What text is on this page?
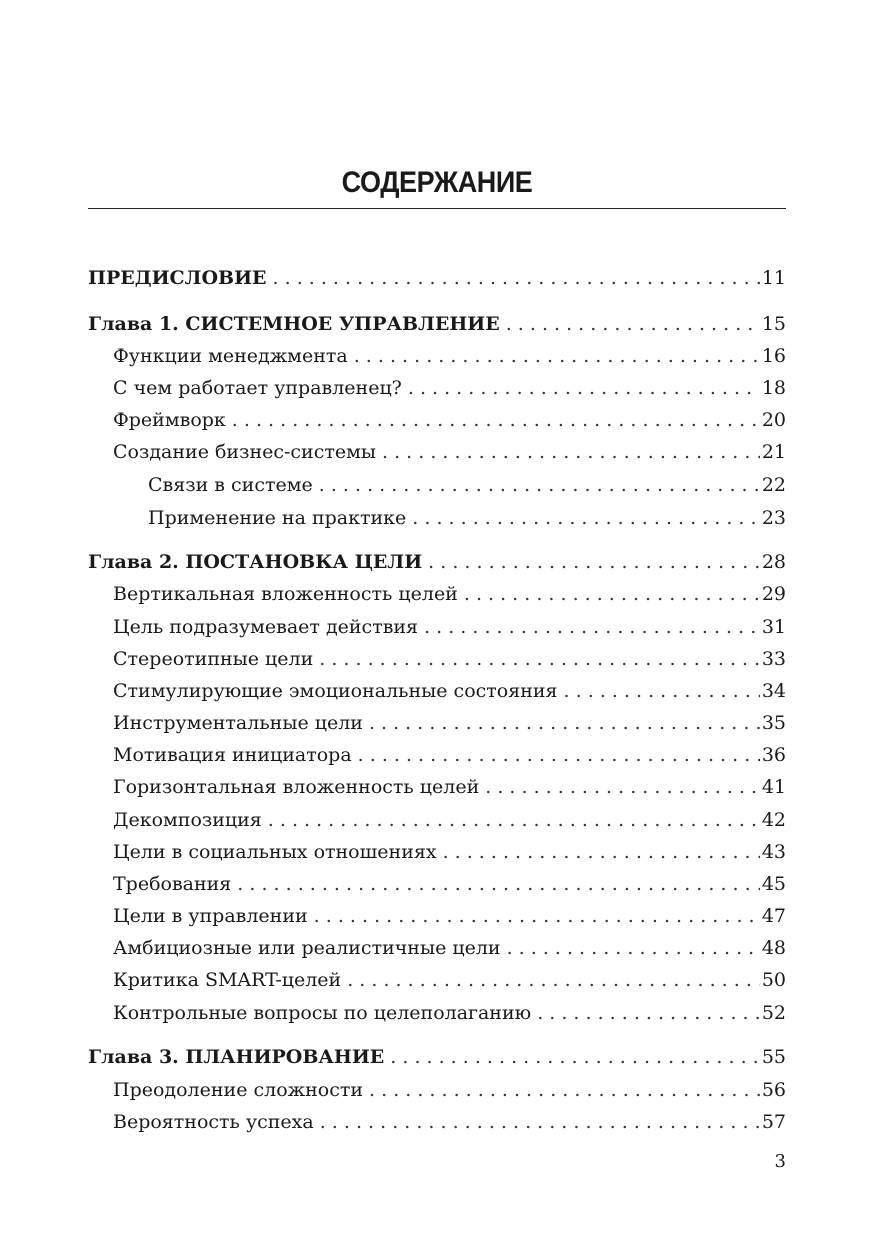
СОДЕРЖАНИЕ
ПРЕДИСЛОВИЕ . . .	11
Глава 1. СИСТЕМНОЕ УПРАВЛЕНИЕ . . .	15
Функции менеджмента . . .	16
С чем работает управленец? . . .	18
Фреймворк . . .	20
Создание бизнес-системы . . .	21
Связи в системе . . .	22
Применение на практике . . .	23
Глава 2. ПОСТАНОВКА ЦЕЛИ . . .	28
Вертикальная вложенность целей . . .	29
Цель подразумевает действия . . .	31
Стереотипные цели . . .	33
Стимулирующие эмоциональные состояния . . .	34
Инструментальные цели . . .	35
Мотивация инициатора . . .	36
Горизонтальная вложенность целей . . .	41
Декомпозиция . . .	42
Цели в социальных отношениях . . .	43
Требования . . .	45
Цели в управлении . . .	47
Амбициозные или реалистичные цели . . .	48
Критика SMART-целей . . .	50
Контрольные вопросы по целеполаганию . . .	52
Глава 3. ПЛАНИРОВАНИЕ . . .	55
Преодоление сложности . . .	56
Вероятность успеха . . .	57
3
